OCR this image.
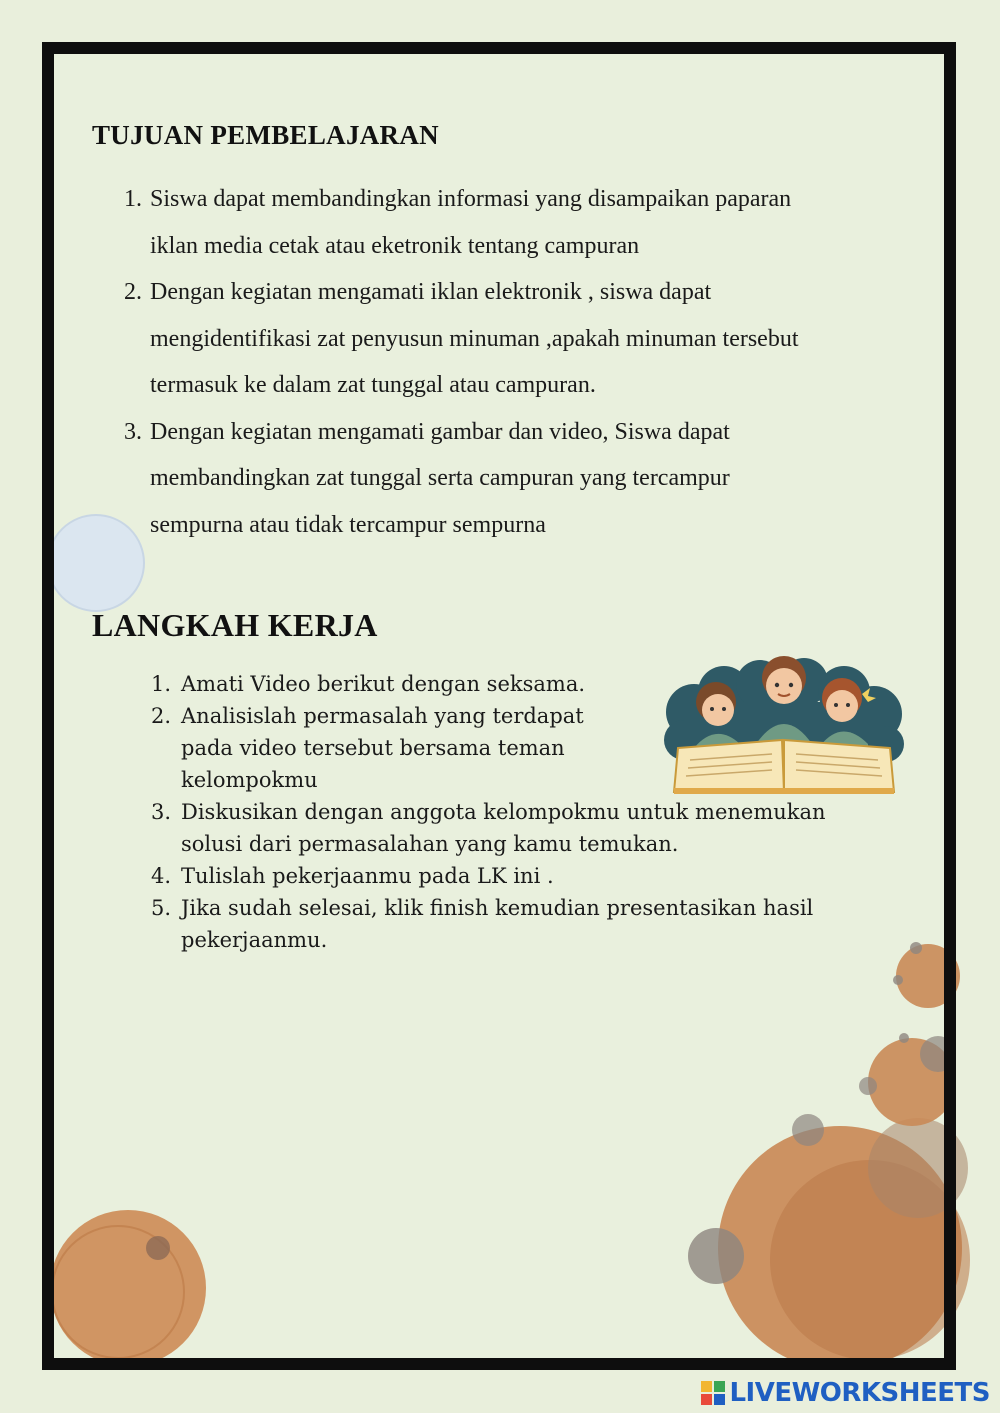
TUJUAN PEMBELAJARAN
1. Siswa dapat membandingkan informasi yang disampaikan paparan
iklan media cetak atau eketronik tentang campuran
2. Dengan kegiatan mengamati iklan elektronik , siswa dapat
mengidentifikasi zat penyusun minuman ,apakah minuman tersebut
termasuk ke dalam zat tunggal atau campuran.
3. Dengan kegiatan mengamati gambar dan video, Siswa dapat
membandingkan zat tunggal serta campuran yang tercampur
sempurna atau tidak tercampur sempurna
LANGKAH KERJA
1. Amati Video berikut dengan seksama.
2. Analisislah permasalah yang terdapat
pada video tersebut bersama teman
kelompokmu
3. Diskusikan dengan anggota kelompokmu untuk menemukan
solusi dari permasalahan yang kamu temukan.
4. Tulislah pekerjaanmu pada LK ini .
5. Jika sudah selesai, klik finish kemudian presentasikan hasil
pekerjaanmu.
LIVEWORKSHEETS
